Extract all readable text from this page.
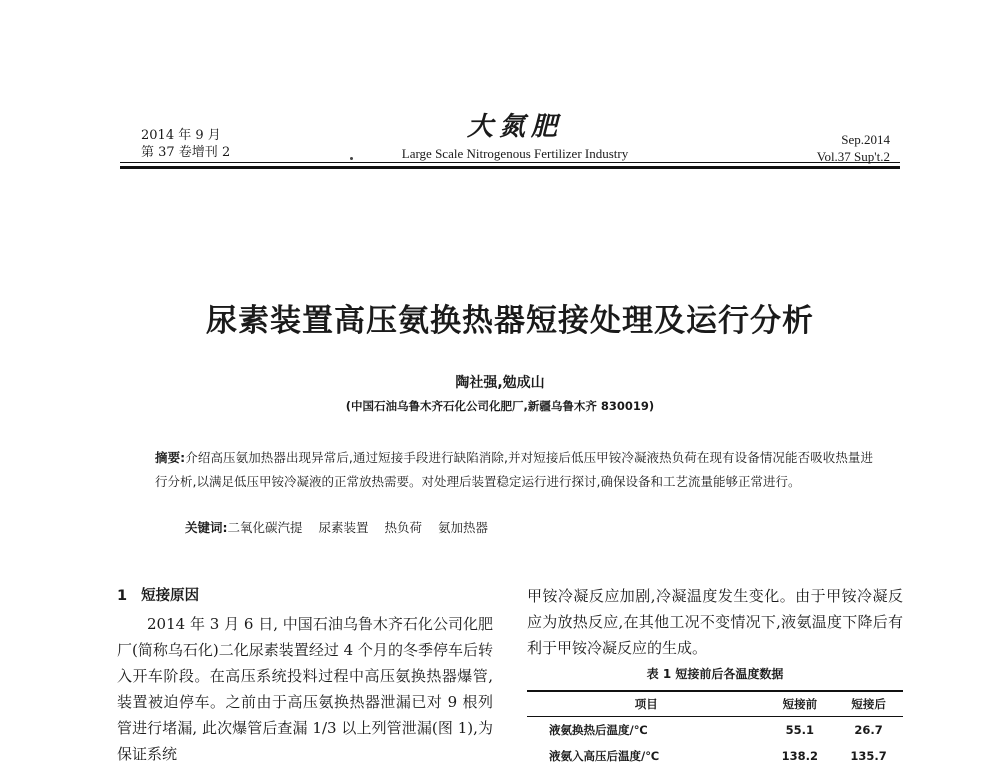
2014 年 9 月
第 37 卷增刊 2
大氮肥
Large Scale Nitrogenous Fertilizer Industry
Sep.2014
Vol.37 Sup't.2
尿素装置高压氨换热器短接处理及运行分析
陶社强,勉成山
(中国石油乌鲁木齐石化公司化肥厂,新疆乌鲁木齐 830019)
摘要:介绍高压氨加热器出现异常后,通过短接手段进行缺陷消除,并对短接后低压甲铵冷凝液热负荷在现有设备情况能否吸收热量进行分析,以满足低压甲铵冷凝液的正常放热需要。对处理后装置稳定运行进行探讨,确保设备和工艺流量能够正常进行。
关键词:二氧化碳汽提 尿素装置 热负荷 氨加热器
1 短接原因
2014 年 3 月 6 日, 中国石油乌鲁木齐石化公司化肥厂(简称乌石化)二化尿素装置经过 4 个月的冬季停车后转入开车阶段。在高压系统投料过程中高压氨换热器爆管,装置被迫停车。之前由于高压氨换热器泄漏已对 9 根列管进行堵漏, 此次爆管后查漏 1/3 以上列管泄漏(图 1),为保证系统
甲铵冷凝反应加剧,冷凝温度发生变化。由于甲铵冷凝反应为放热反应,在其他工况不变情况下,液氨温度下降后有利于甲铵冷凝反应的生成。
表 1 短接前后各温度数据
项目	短接前	短接后
液氨换热后温度/℃	55.1	26.7
液氨入高压后温度/℃	138.2	135.7
